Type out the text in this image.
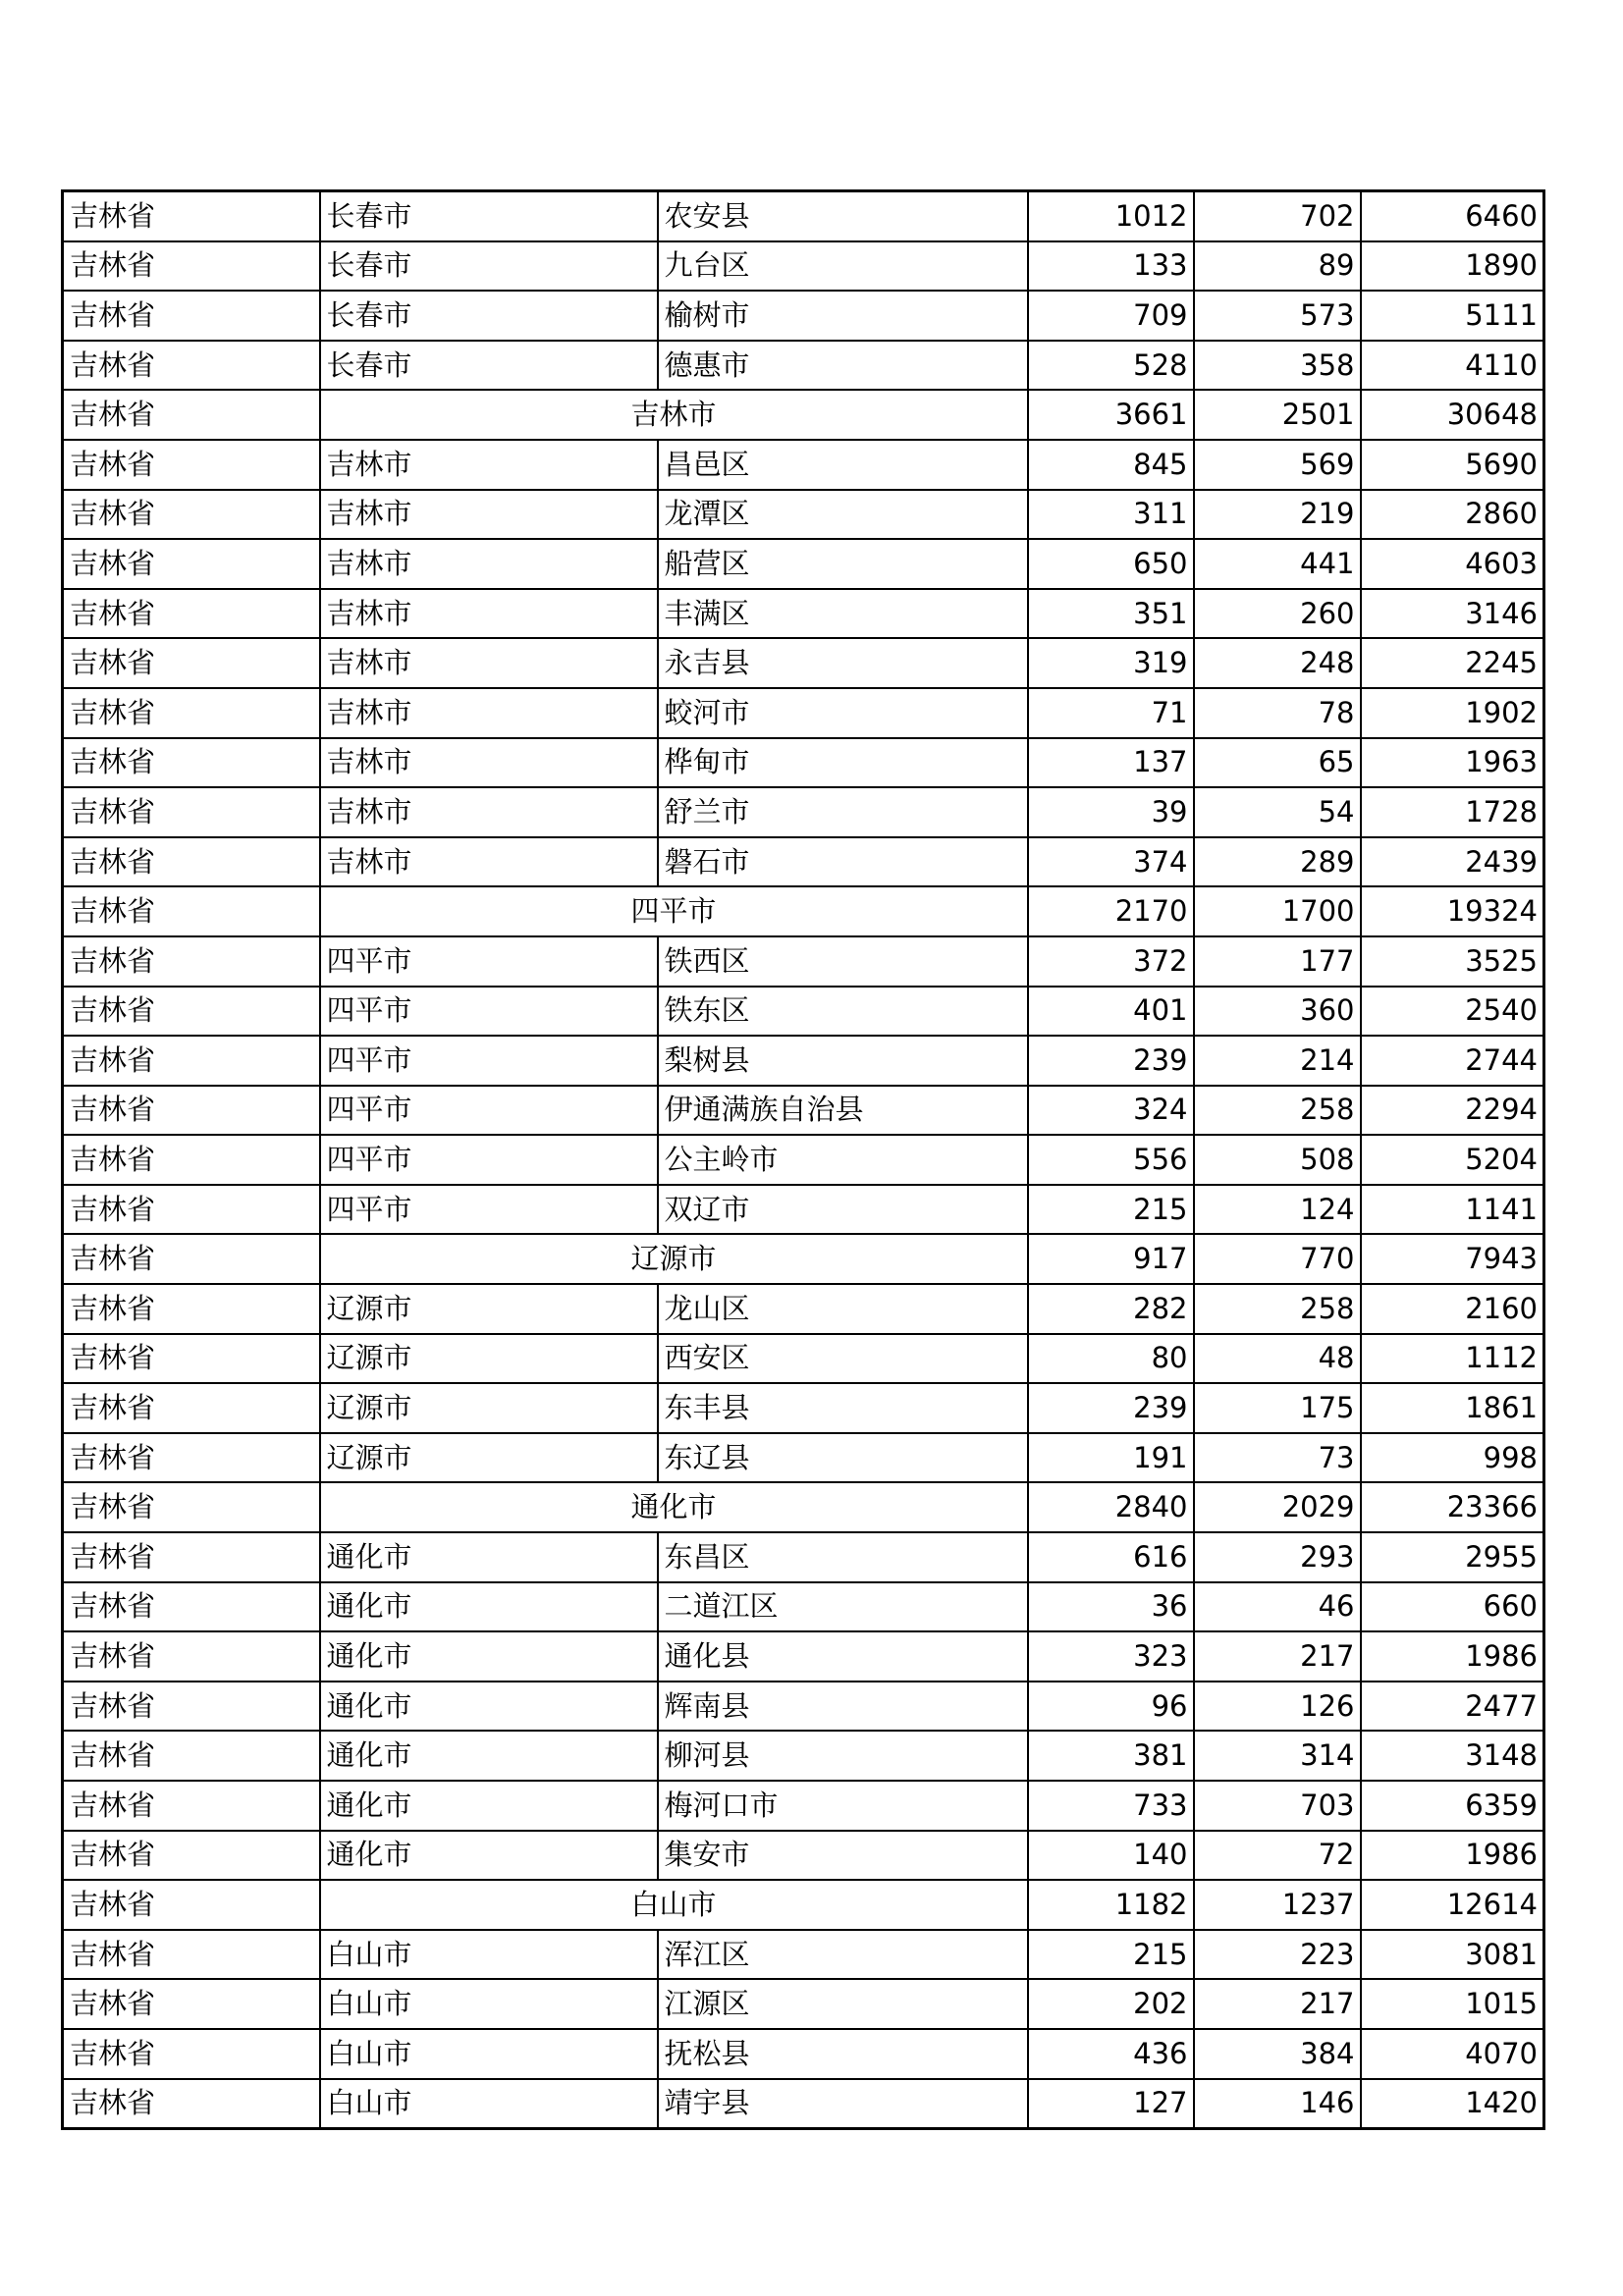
吉林省	长春市	农安县	1012	702	6460
吉林省	长春市	九台区	133	89	1890
吉林省	长春市	榆树市	709	573	5111
吉林省	长春市	德惠市	528	358	4110
吉林省	吉林市		3661	2501	30648
吉林省	吉林市	昌邑区	845	569	5690
吉林省	吉林市	龙潭区	311	219	2860
吉林省	吉林市	船营区	650	441	4603
吉林省	吉林市	丰满区	351	260	3146
吉林省	吉林市	永吉县	319	248	2245
吉林省	吉林市	蛟河市	71	78	1902
吉林省	吉林市	桦甸市	137	65	1963
吉林省	吉林市	舒兰市	39	54	1728
吉林省	吉林市	磐石市	374	289	2439
吉林省	四平市		2170	1700	19324
吉林省	四平市	铁西区	372	177	3525
吉林省	四平市	铁东区	401	360	2540
吉林省	四平市	梨树县	239	214	2744
吉林省	四平市	伊通满族自治县	324	258	2294
吉林省	四平市	公主岭市	556	508	5204
吉林省	四平市	双辽市	215	124	1141
吉林省	辽源市		917	770	7943
吉林省	辽源市	龙山区	282	258	2160
吉林省	辽源市	西安区	80	48	1112
吉林省	辽源市	东丰县	239	175	1861
吉林省	辽源市	东辽县	191	73	998
吉林省	通化市		2840	2029	23366
吉林省	通化市	东昌区	616	293	2955
吉林省	通化市	二道江区	36	46	660
吉林省	通化市	通化县	323	217	1986
吉林省	通化市	辉南县	96	126	2477
吉林省	通化市	柳河县	381	314	3148
吉林省	通化市	梅河口市	733	703	6359
吉林省	通化市	集安市	140	72	1986
吉林省	白山市		1182	1237	12614
吉林省	白山市	浑江区	215	223	3081
吉林省	白山市	江源区	202	217	1015
吉林省	白山市	抚松县	436	384	4070
吉林省	白山市	靖宇县	127	146	1420
